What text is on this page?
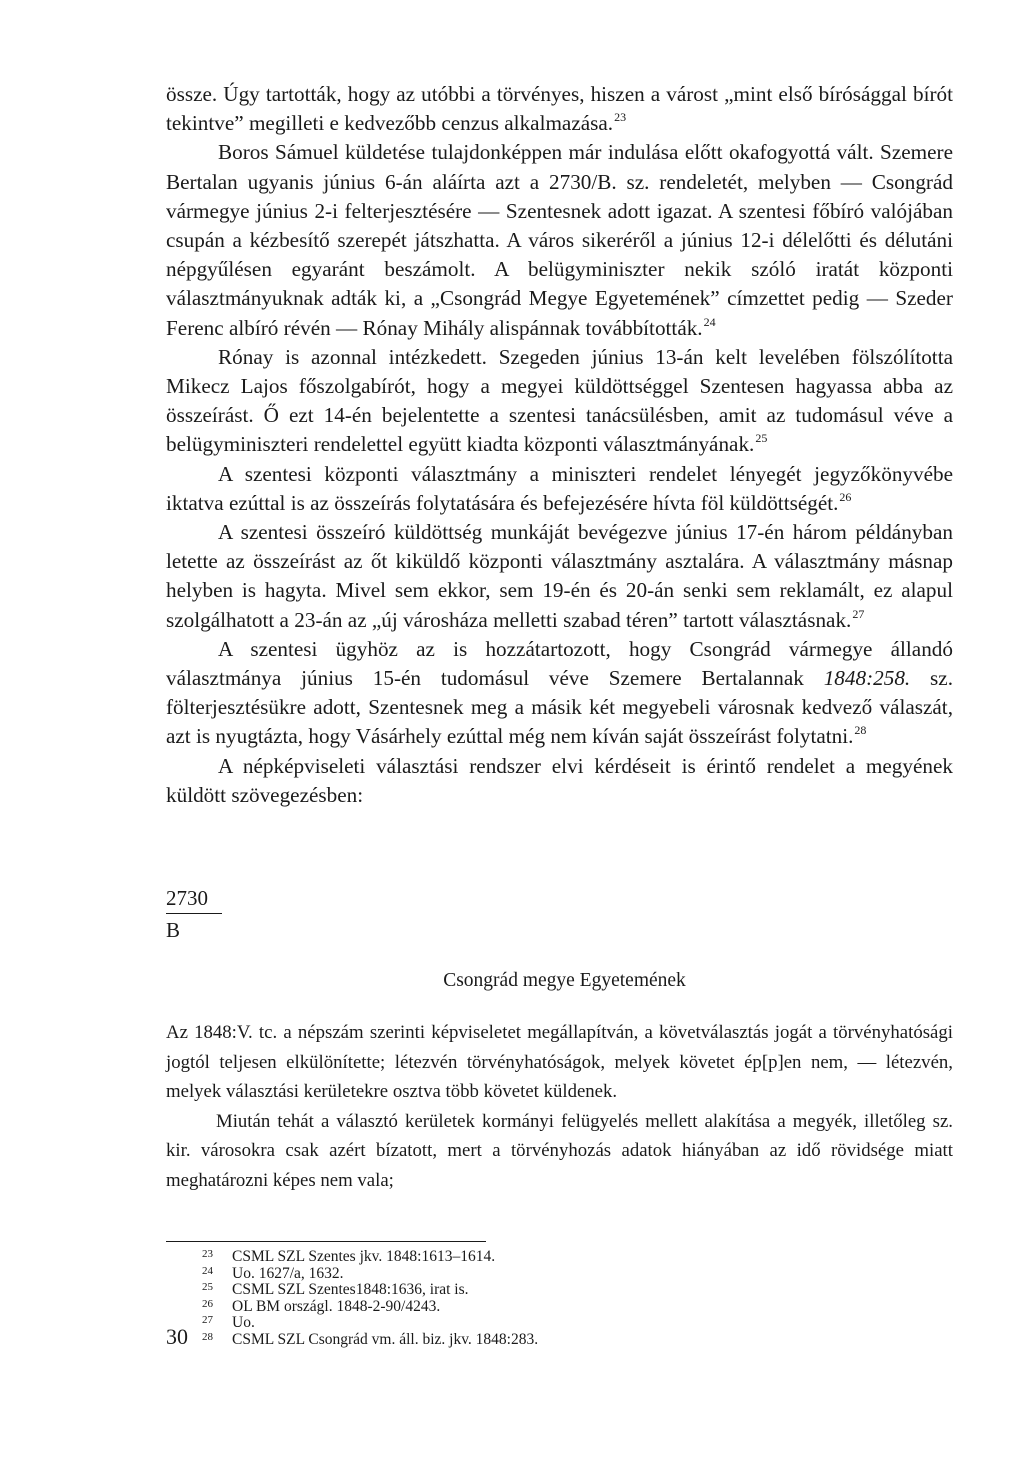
össze. Úgy tartották, hogy az utóbbi a törvényes, hiszen a várost „mint első bírósággal bírót tekintve” megilleti e kedvezőbb cenzus alkalmazása.$^{23}$

Boros Sámuel küldetése tulajdonképpen már indulása előtt okafogyottá vált. Szemere Bertalan ugyanis június 6-án aláírta azt a 2730/B. sz. rendeletét, melyben — Csongrád vármegye június 2-i felterjesztésére — Szentesnek adott igazat. A szentesi főbíró valójában csupán a kézbesítő szerepét játszhatta. A város sikeréről a június 12-i délelőtti és délutáni népgyűlésen egyaránt beszámolt. A belügyminiszter nekik szóló iratát központi választmányuknak adták ki, a „Csongrád Megye Egyetemének” címzettet pedig — Szeder Ferenc albíró révén — Rónay Mihály alispánnak továbbították.$^{24}$

Rónay is azonnal intézkedett. Szegeden június 13-án kelt levelében fölszólította Mikecz Lajos főszolgabírót, hogy a megyei küldöttséggel Szentesen hagyassa abba az összeírást. Ő ezt 14-én bejelentette a szentesi tanácsülésben, amit az tudomásul véve a belügyminiszteri rendelettel együtt kiadta központi választmányának.$^{25}$

A szentesi központi választmány a miniszteri rendelet lényegét jegyzőkönyvébe iktatva ezúttal is az összeírás folytatására és befejezésére hívta föl küldöttségét.$^{26}$

A szentesi összeíró küldöttség munkáját bevégezve június 17-én három példányban letette az összeírást az őt kiküldő központi választmány asztalára. A választmány másnap helyben is hagyta. Mivel sem ekkor, sem 19-én és 20-án senki sem reklamált, ez alapul szolgálhatott a 23-án az „új városháza melletti szabad téren” tartott választásnak.$^{27}$

A szentesi ügyhöz az is hozzátartozott, hogy Csongrád vármegye állandó választmánya június 15-én tudomásul véve Szemere Bertalannak 1848:258. sz. fölterjesztésükre adott, Szentesnek meg a másik két megyebeli városnak kedvező válaszát, azt is nyugtázta, hogy Vásárhely ezúttal még nem kíván saját összeírást folytatni.$^{28}$

A népképviseleti választási rendszer elvi kérdéseit is érintő rendelet a megyének küldött szövegezésben:

2730
B
Csongrád megye Egyetemének

Az 1848:V. tc. a népszám szerinti képviseletet megállapítván, a követválasztás jogát a törvényhatósági jogtól teljesen elkülönítette; létezvén törvényhatóságok, melyek követet ép[p]en nem, — létezvén, melyek választási kerületekre osztva több követet küldenek.

Miután tehát a választó kerületek kormányi felügyelés mellett alakítása a megyék, illetőleg sz. kir. városokra csak azért bízatott, mert a törvényhozás adatok hiányában az idő rövidsége miatt meghatározni képes nem vala;

23	CSML SZL Szentes jkv. 1848:1613–1614.
24	Uo. 1627/a, 1632.
25	CSML SZL Szentes1848:1636, irat is.
26	OL BM országl. 1848-2-90/4243.
27	Uo.
28	CSML SZL Csongrád vm. áll. biz. jkv. 1848:283.
30
